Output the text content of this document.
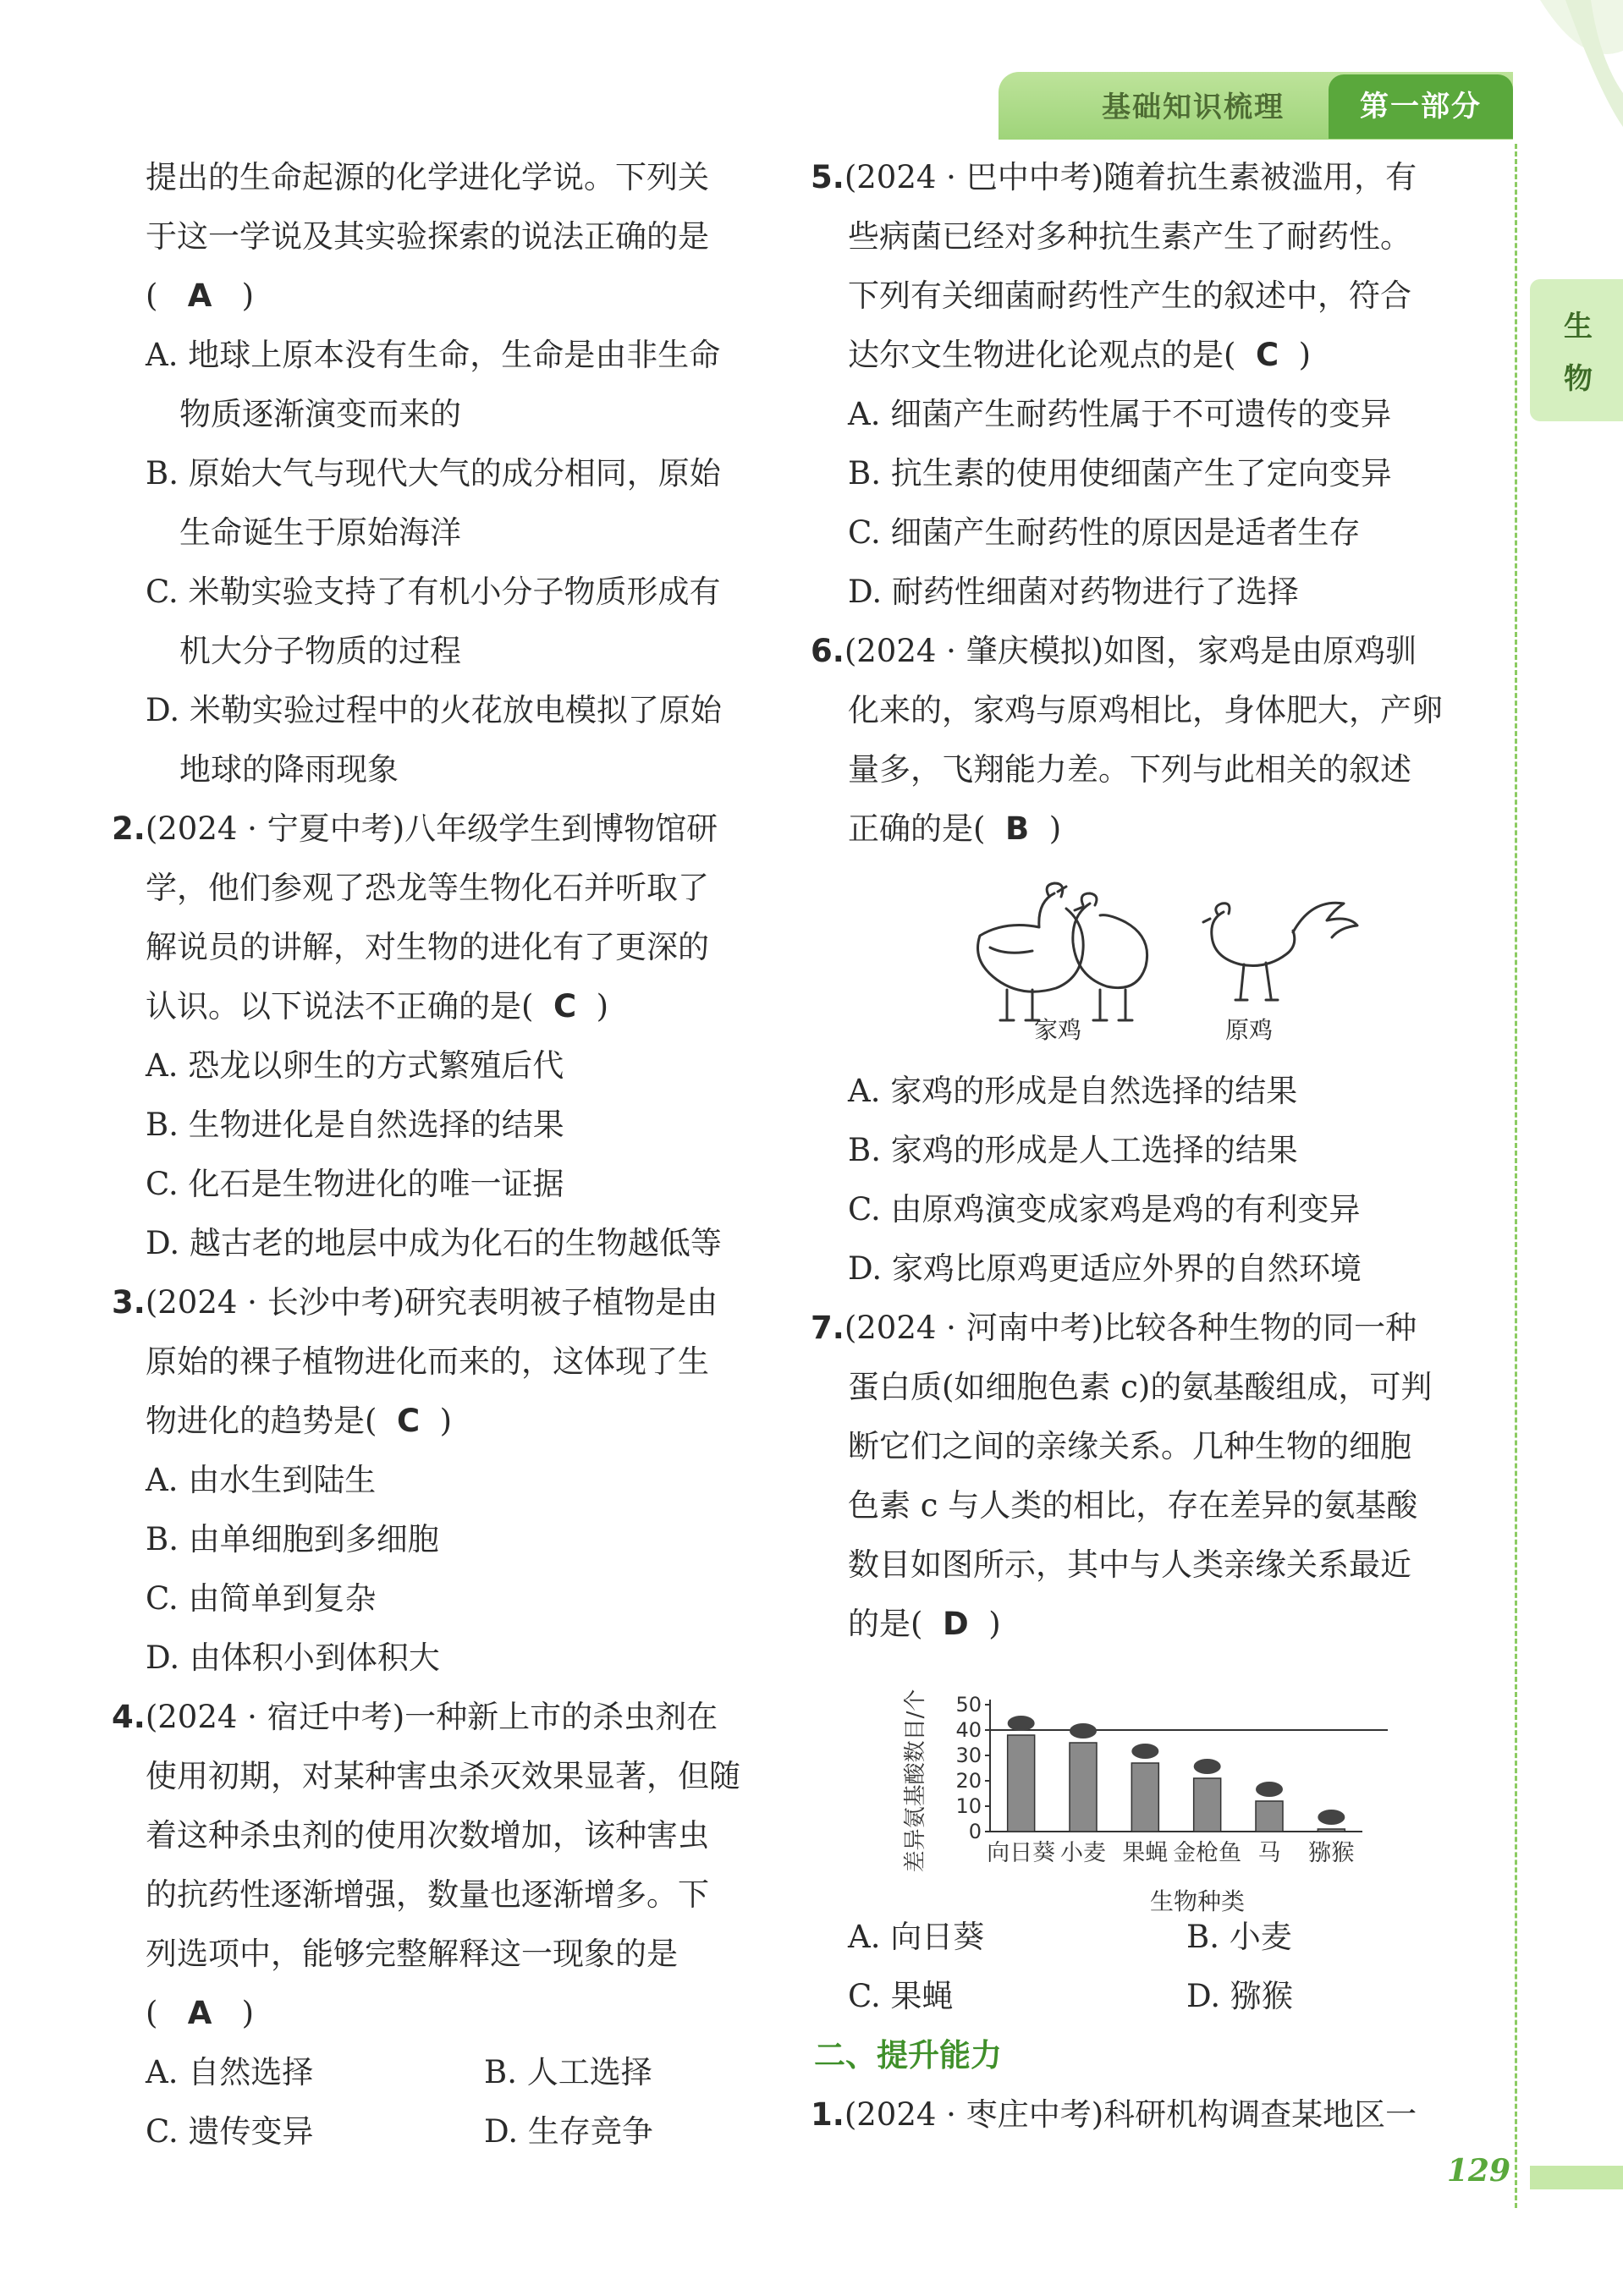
基础知识梳理	第一部分
生
物
提出的生命起源的化学进化学说。下列关
于这一学说及其实验探索的说法正确的是
(   A   )
A. 地球上原本没有生命，生命是由非生命
物质逐渐演变而来的
B. 原始大气与现代大气的成分相同，原始
生命诞生于原始海洋
C. 米勒实验支持了有机小分子物质形成有
机大分子物质的过程
D. 米勒实验过程中的火花放电模拟了原始
地球的降雨现象
2.(2024 · 宁夏中考)八年级学生到博物馆研
学，他们参观了恐龙等生物化石并听取了
解说员的讲解，对生物的进化有了更深的
认识。以下说法不正确的是( C  )
A. 恐龙以卵生的方式繁殖后代
B. 生物进化是自然选择的结果
C. 化石是生物进化的唯一证据
D. 越古老的地层中成为化石的生物越低等
3.(2024 · 长沙中考)研究表明被子植物是由
原始的裸子植物进化而来的，这体现了生
物进化的趋势是( C  )
A. 由水生到陆生
B. 由单细胞到多细胞
C. 由简单到复杂
D. 由体积小到体积大
4.(2024 · 宿迁中考)一种新上市的杀虫剂在
使用初期，对某种害虫杀灭效果显著，但随
着这种杀虫剂的使用次数增加，该种害虫
的抗药性逐渐增强，数量也逐渐增多。下
列选项中，能够完整解释这一现象的是
(   A   )
A. 自然选择	B. 人工选择
C. 遗传变异	D. 生存竞争
5.(2024 · 巴中中考)随着抗生素被滥用，有
些病菌已经对多种抗生素产生了耐药性。
下列有关细菌耐药性产生的叙述中，符合
达尔文生物进化论观点的是( C  )
A. 细菌产生耐药性属于不可遗传的变异
B. 抗生素的使用使细菌产生了定向变异
C. 细菌产生耐药性的原因是适者生存
D. 耐药性细菌对药物进行了选择
6.(2024 · 肇庆模拟)如图，家鸡是由原鸡驯
化来的，家鸡与原鸡相比，身体肥大，产卵
量多，飞翔能力差。下列与此相关的叙述
正确的是( B  )
家鸡	原鸡
A. 家鸡的形成是自然选择的结果
B. 家鸡的形成是人工选择的结果
C. 由原鸡演变成家鸡是鸡的有利变异
D. 家鸡比原鸡更适应外界的自然环境
7.(2024 · 河南中考)比较各种生物的同一种
蛋白质(如细胞色素 c)的氨基酸组成，可判
断它们之间的亲缘关系。几种生物的细胞
色素 c 与人类的相比，存在差异的氨基酸
数目如图所示，其中与人类亲缘关系最近
的是( D  )
差异氨基酸数目/个 0
10
20
30
40
50
向日葵 小麦 果蝇 金枪鱼 马 猕猴
生物种类
A. 向日葵	B. 小麦
C. 果蝇	D. 猕猴
二、提升能力
1.(2024 · 枣庄中考)科研机构调查某地区一
129
